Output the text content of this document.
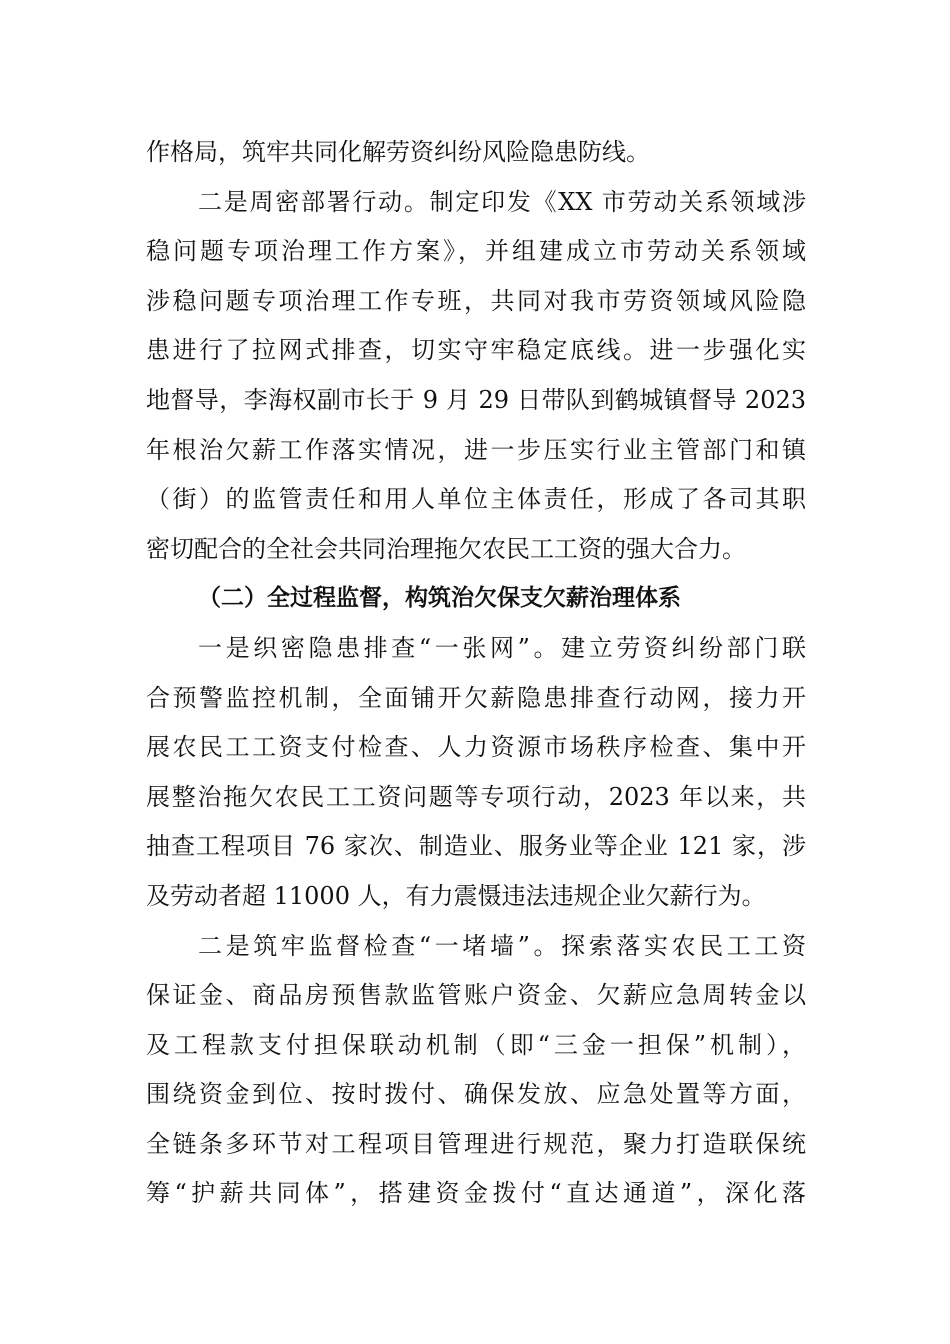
作格局，筑牢共同化解劳资纠纷风险隐患防线。
二是周密部署行动。制定印发《XX 市劳动关系领域涉
稳问题专项治理工作方案》，并组建成立市劳动关系领域
涉稳问题专项治理工作专班，共同对我市劳资领域风险隐
患进行了拉网式排查，切实守牢稳定底线。进一步强化实
地督导，李海权副市长于 9 月 29 日带队到鹤城镇督导 2023
年根治欠薪工作落实情况，进一步压实行业主管部门和镇
（街）的监管责任和用人单位主体责任，形成了各司其职
密切配合的全社会共同治理拖欠农民工工资的强大合力。
（二）全过程监督，构筑治欠保支欠薪治理体系
一是织密隐患排查“一张网”。建立劳资纠纷部门联
合预警监控机制，全面铺开欠薪隐患排查行动网，接力开
展农民工工资支付检查、人力资源市场秩序检查、集中开
展整治拖欠农民工工资问题等专项行动，2023 年以来，共
抽查工程项目 76 家次、制造业、服务业等企业 121 家，涉
及劳动者超 11000 人，有力震慑违法违规企业欠薪行为。
二是筑牢监督检查“一堵墙”。探索落实农民工工资
保证金、商品房预售款监管账户资金、欠薪应急周转金以
及工程款支付担保联动机制（即“三金一担保”机制），
围绕资金到位、按时拨付、确保发放、应急处置等方面，
全链条多环节对工程项目管理进行规范，聚力打造联保统
筹“护薪共同体”，搭建资金拨付“直达通道”，深化落
